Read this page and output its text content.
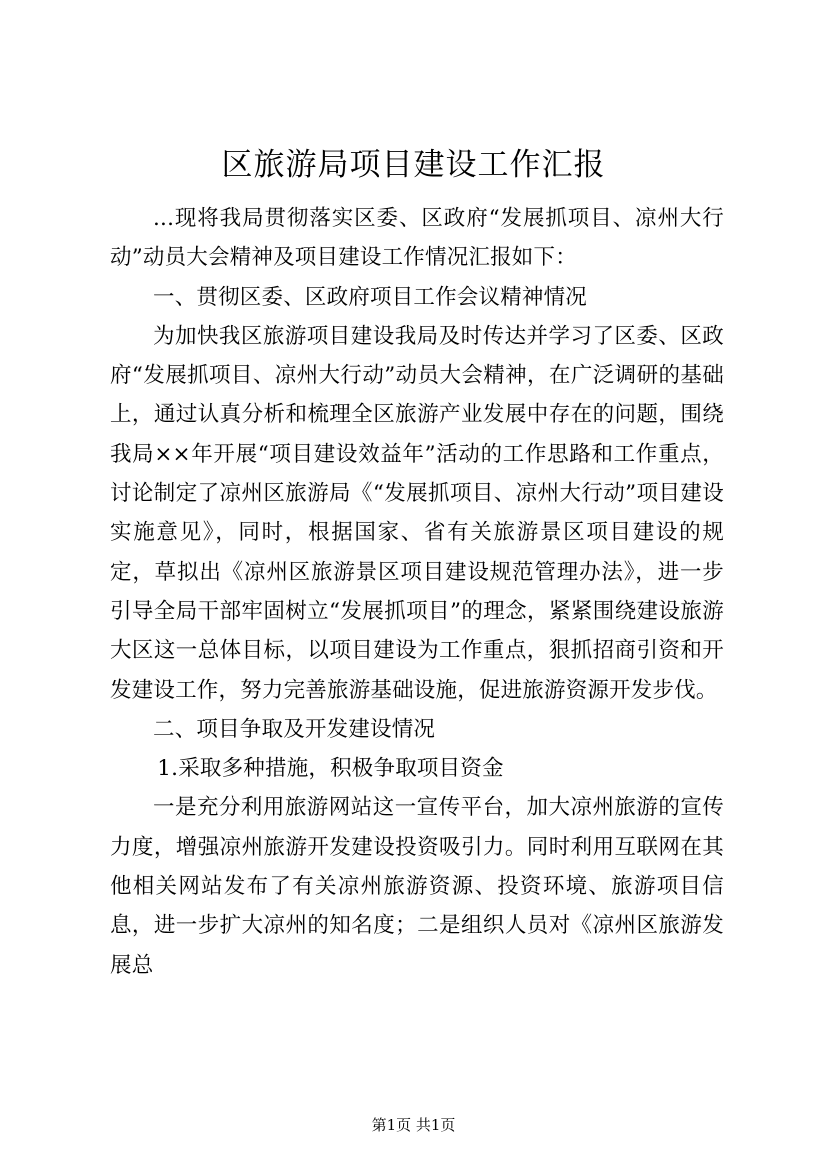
区旅游局项目建设工作汇报

...现将我局贯彻落实区委、区政府“发展抓项目、凉州大行动”动员大会精神及项目建设工作情况汇报如下：

一、贯彻区委、区政府项目工作会议精神情况

为加快我区旅游项目建设我局及时传达并学习了区委、区政府“发展抓项目、凉州大行动”动员大会精神，在广泛调研的基础上，通过认真分析和梳理全区旅游产业发展中存在的问题，围绕我局××年开展“项目建设效益年”活动的工作思路和工作重点，讨论制定了凉州区旅游局《“发展抓项目、凉州大行动”项目建设实施意见》，同时，根据国家、省有关旅游景区项目建设的规定，草拟出《凉州区旅游景区项目建设规范管理办法》，进一步引导全局干部牢固树立“发展抓项目”的理念，紧紧围绕建设旅游大区这一总体目标，以项目建设为工作重点，狠抓招商引资和开发建设工作，努力完善旅游基础设施，促进旅游资源开发步伐。

二、项目争取及开发建设情况

1.采取多种措施，积极争取项目资金

一是充分利用旅游网站这一宣传平台，加大凉州旅游的宣传力度，增强凉州旅游开发建设投资吸引力。同时利用互联网在其他相关网站发布了有关凉州旅游资源、投资环境、旅游项目信息，进一步扩大凉州的知名度；二是组织人员对《凉州区旅游发展总

第1页 共1页
